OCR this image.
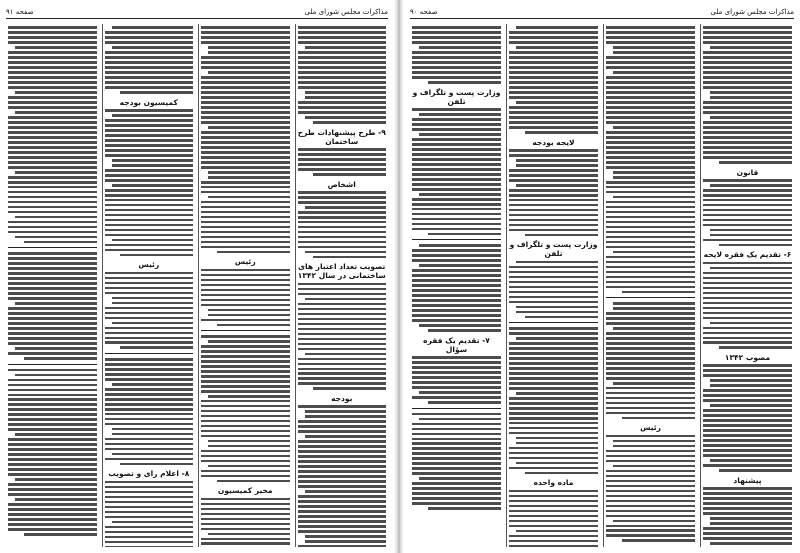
صفحه ۹۱	مذاکرات مجلس شورای ملی
۹- طرح پیشنهادات طرح ساختمان
اشخاص
تصویب تعداد اعتبار های ساختمانی در سال ۱۳۴۲
بودجه
رئیس
مخبر کمیسیون
کمیسیون بودجه
رئیس
۸- اعلام رای و تصویب
صفحه ۹۰	مذاکرات مجلس شورای ملی
قانون
۶- تقدیم یک فقره لایحه
مصوب ۱۳۴۲
پیشنهاد
رئیس
لایحه بودجه
وزارت پست و تلگراف و تلفن
ماده واحده
وزارت پست و تلگراف و تلفن
۷- تقدیم یک فقره سؤال
